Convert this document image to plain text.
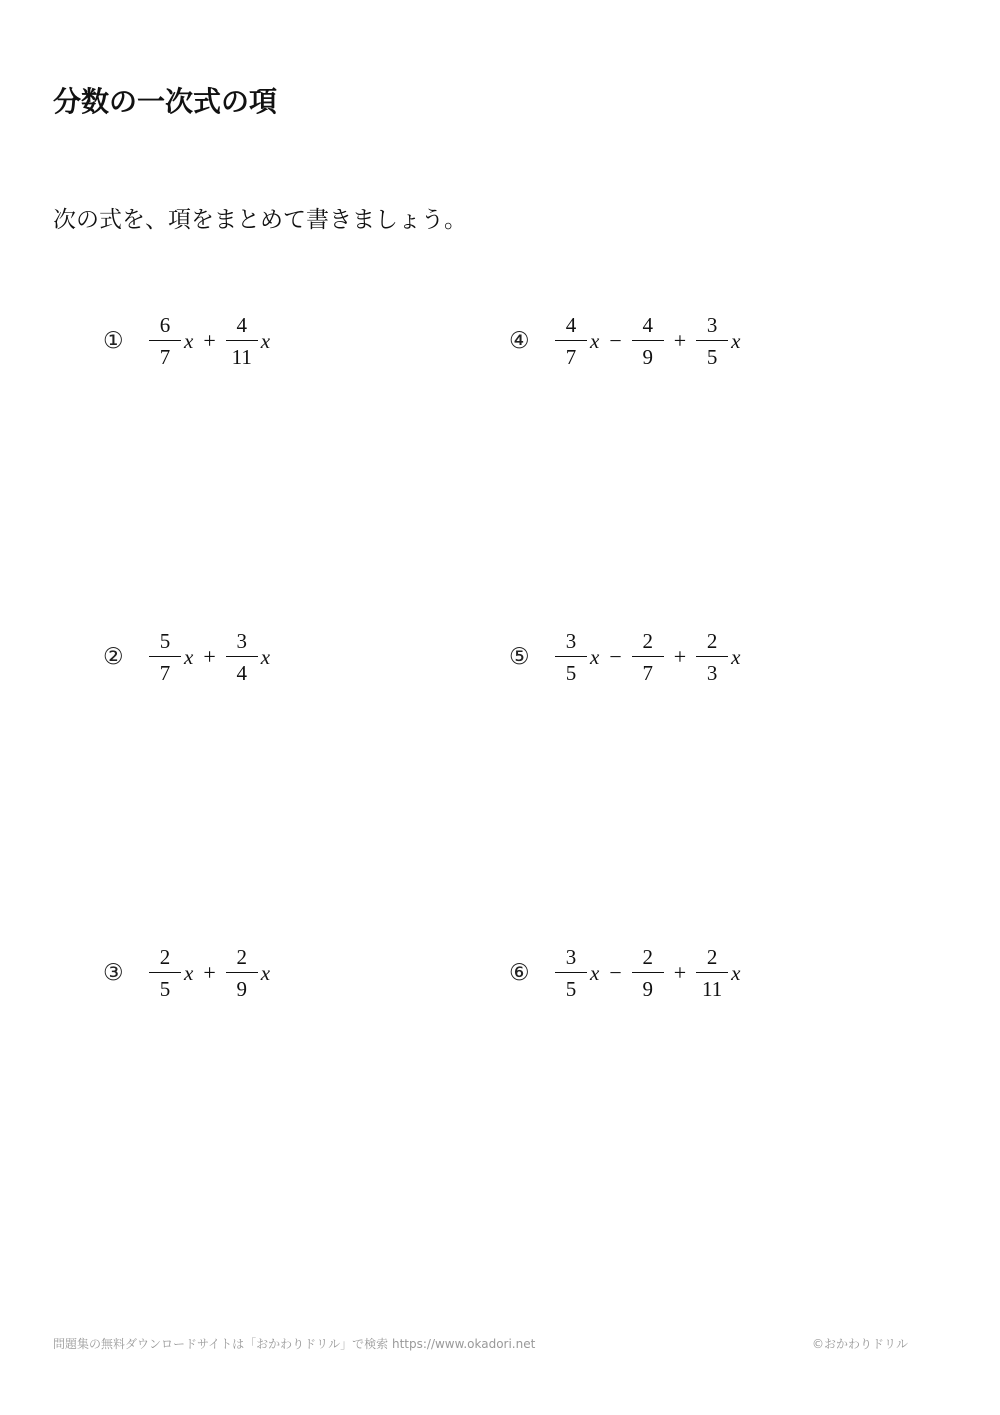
分数の一次式の項

次の式を、項をまとめて書きましょう。

①	$\frac{6}{7}$ $x + \frac{4}{11}$ x
②	$\frac{5}{7}$ $x + \frac{3}{4}$ x
③	$\frac{2}{5}$ $x + \frac{2}{9}$ x
④	$\frac{4}{7}$ $x - \frac{4}{9} + \frac{3}{5}$ x
⑤	$\frac{3}{5}$ $x - \frac{2}{7} + \frac{2}{3}$ x
⑥	$\frac{3}{5}$ $x - \frac{2}{9} + \frac{2}{11}$ x
問題集の無料ダウンロードサイトは「おかわりドリル」で検索 https://www.okadori.net	©おかわりドリル
